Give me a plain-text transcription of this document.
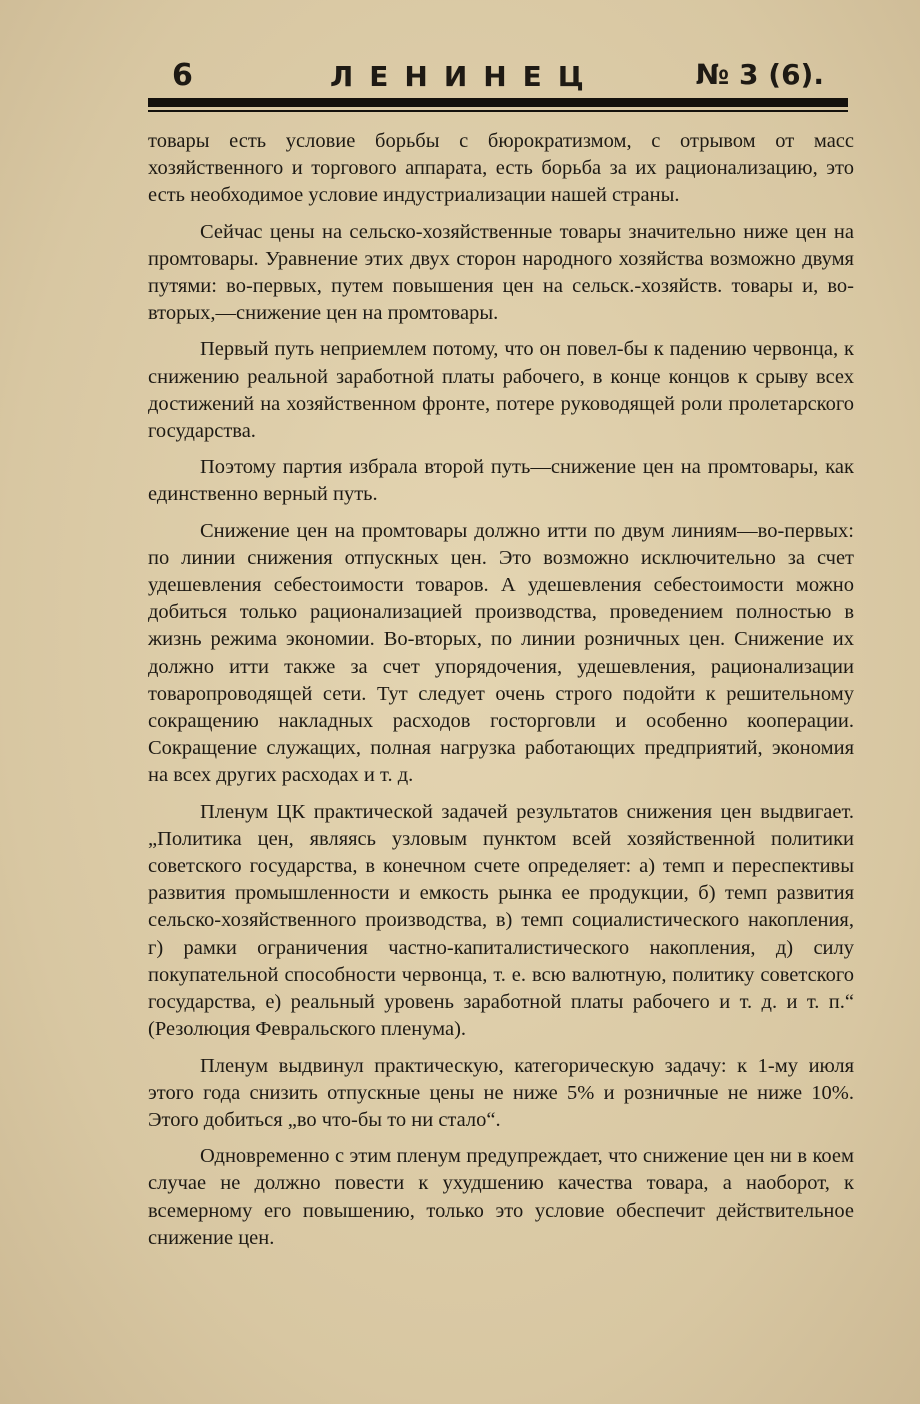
6	ЛЕНИНЕЦ	№ 3 (6).

товары есть условие борьбы с бюрократизмом, с отрывом от масс хозяйственного и торгового аппарата, есть борьба за их рационализацию, это есть необходимое условие индустриализации нашей страны.

Сейчас цены на сельско-хозяйственные товары значительно ниже цен на промтовары. Уравнение этих двух сторон народного хозяйства возможно двумя путями: во-первых, путем повышения цен на сельск.-хозяйств. товары и, во-вторых,—снижение цен на промтовары.

Первый путь неприемлем потому, что он повел-бы к падению червонца, к снижению реальной заработной платы рабочего, в конце концов к срыву всех достижений на хозяйственном фронте, потере руководящей роли пролетарского государства.

Поэтому партия избрала второй путь—снижение цен на промтовары, как единственно верный путь.

Снижение цен на промтовары должно итти по двум линиям—во-первых: по линии снижения отпускных цен. Это возможно исключительно за счет удешевления себестоимости товаров. А удешевления себестоимости можно добиться только рационализацией производства, проведением полностью в жизнь режима экономии. Во-вторых, по линии розничных цен. Снижение их должно итти также за счет упорядочения, удешевления, рационализации товаропроводящей сети. Тут следует очень строго подойти к решительному сокращению накладных расходов госторговли и особенно кооперации. Сокращение служащих, полная нагрузка работающих предприятий, экономия на всех других расходах и т. д.

Пленум ЦК практической задачей результатов снижения цен выдвигает. „Политика цен, являясь узловым пунктом всей хозяйственной политики советского государства, в конечном счете определяет: а) темп и переспективы развития промышленности и емкость рынка ее продукции, б) темп развития сельско-хозяйственного производства, в) темп социалистического накопления, г) рамки ограничения частно-капиталистического накопления, д) силу покупательной способности червонца, т. е. всю валютную, политику советского государства, е) реальный уровень заработной платы рабочего и т. д. и т. п.“ (Резолюция Февральского пленума).

Пленум выдвинул практическую, категорическую задачу: к 1-му июля этого года снизить отпускные цены не ниже 5% и розничные не ниже 10%. Этого добиться „во что-бы то ни стало“.

Одновременно с этим пленум предупреждает, что снижение цен ни в коем случае не должно повести к ухудшению качества товара, а наоборот, к всемерному его повышению, только это условие обеспечит действительное снижение цен.
